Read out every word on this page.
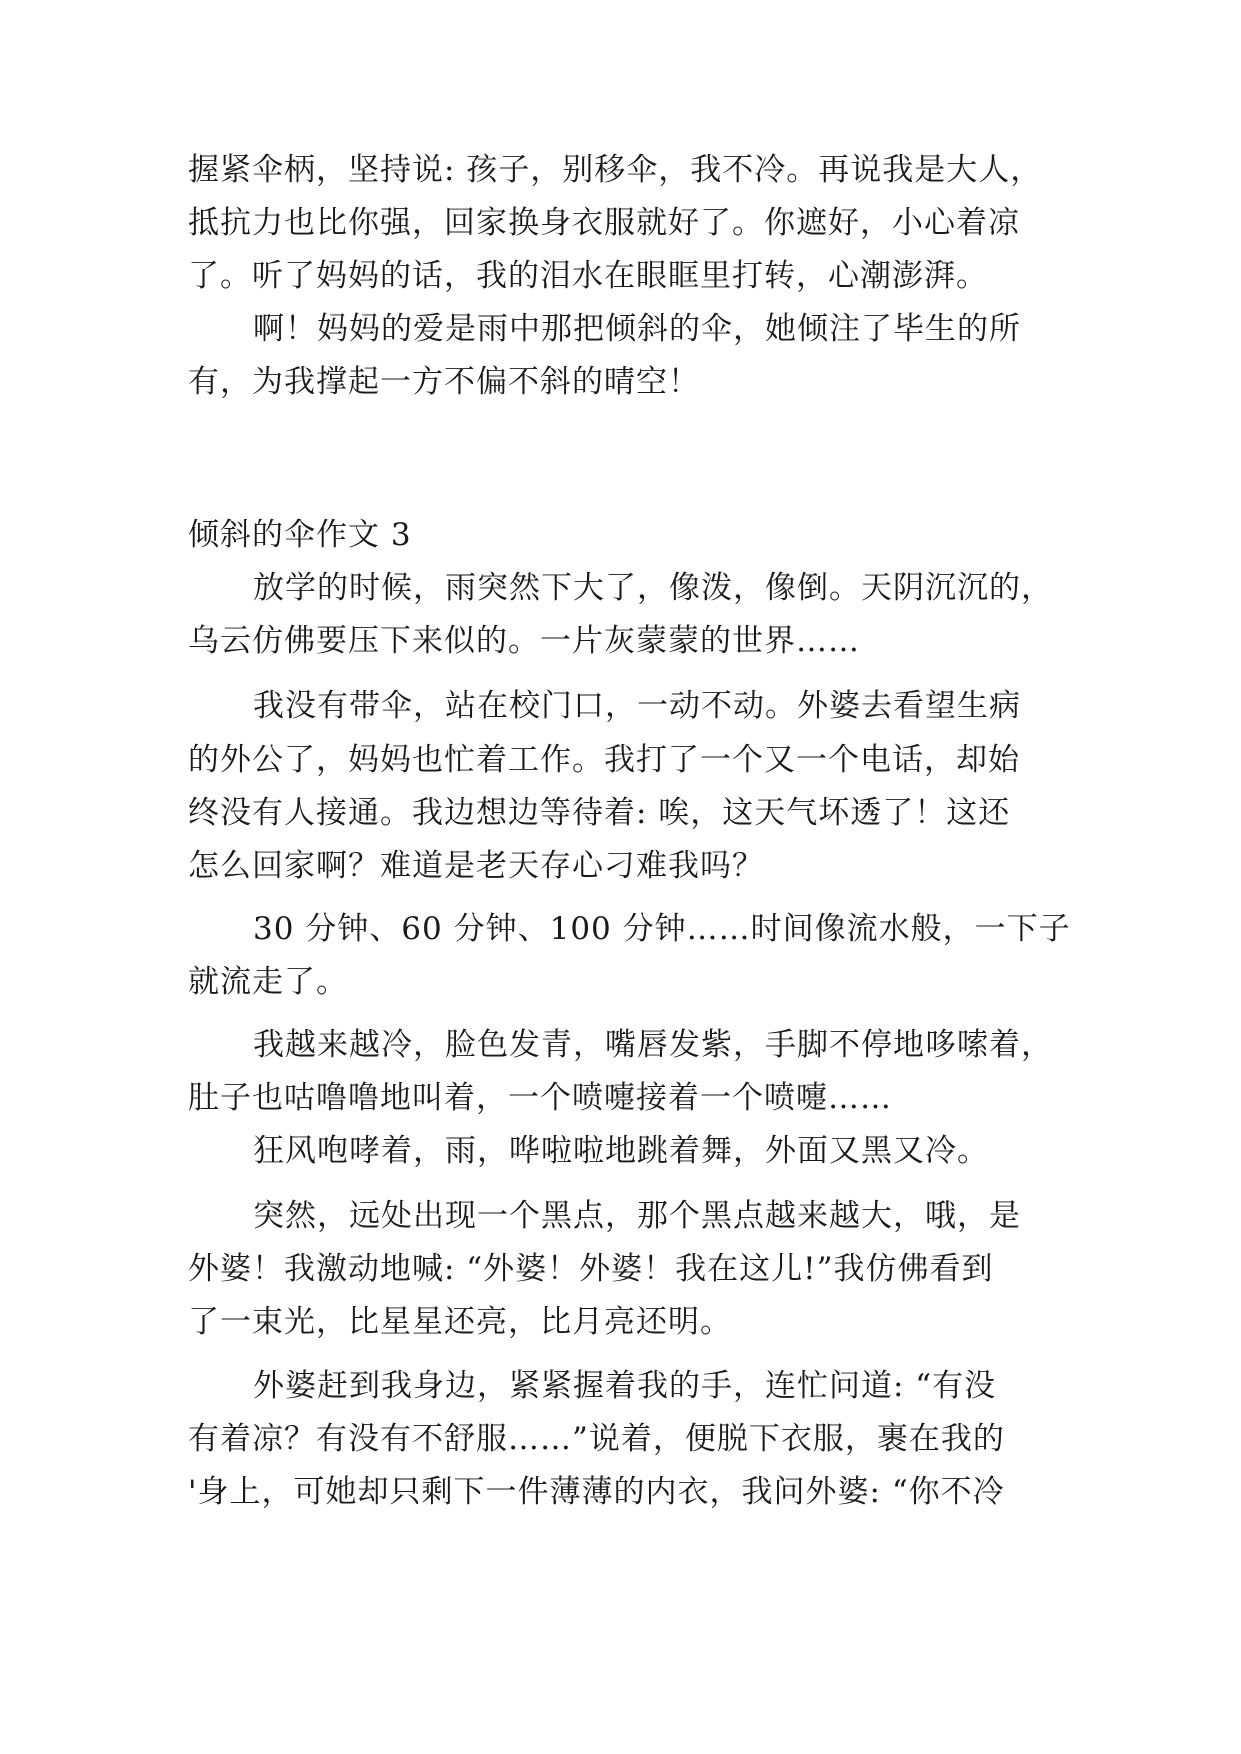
握紧伞柄，坚持说: 孩子，别移伞，我不冷。再说我是大人，
抵抗力也比你强，回家换身衣服就好了。你遮好，小心着凉
了。听了妈妈的话，我的泪水在眼眶里打转，心潮澎湃。
啊！妈妈的爱是雨中那把倾斜的伞，她倾注了毕生的所
有，为我撑起一方不偏不斜的晴空！
倾斜的伞作文 3
放学的时候，雨突然下大了，像泼，像倒。天阴沉沉的，
乌云仿佛要压下来似的。一片灰蒙蒙的世界……
我没有带伞，站在校门口，一动不动。外婆去看望生病
的外公了，妈妈也忙着工作。我打了一个又一个电话，却始
终没有人接通。我边想边等待着: 唉，这天气坏透了！这还
怎么回家啊？难道是老天存心刁难我吗？
30 分钟、60 分钟、100 分钟……时间像流水般，一下子
就流走了。
我越来越冷，脸色发青，嘴唇发紫，手脚不停地哆嗦着，
肚子也咕噜噜地叫着，一个喷嚏接着一个喷嚏……
狂风咆哮着，雨，哗啦啦地跳着舞，外面又黑又冷。
突然，远处出现一个黑点，那个黑点越来越大，哦，是
外婆！我激动地喊: “外婆！外婆！我在这儿!”我仿佛看到
了一束光，比星星还亮，比月亮还明。
外婆赶到我身边，紧紧握着我的手，连忙问道: “有没
有着凉？有没有不舒服……”说着，便脱下衣服，裹在我的
'身上，可她却只剩下一件薄薄的内衣，我问外婆: “你不冷
